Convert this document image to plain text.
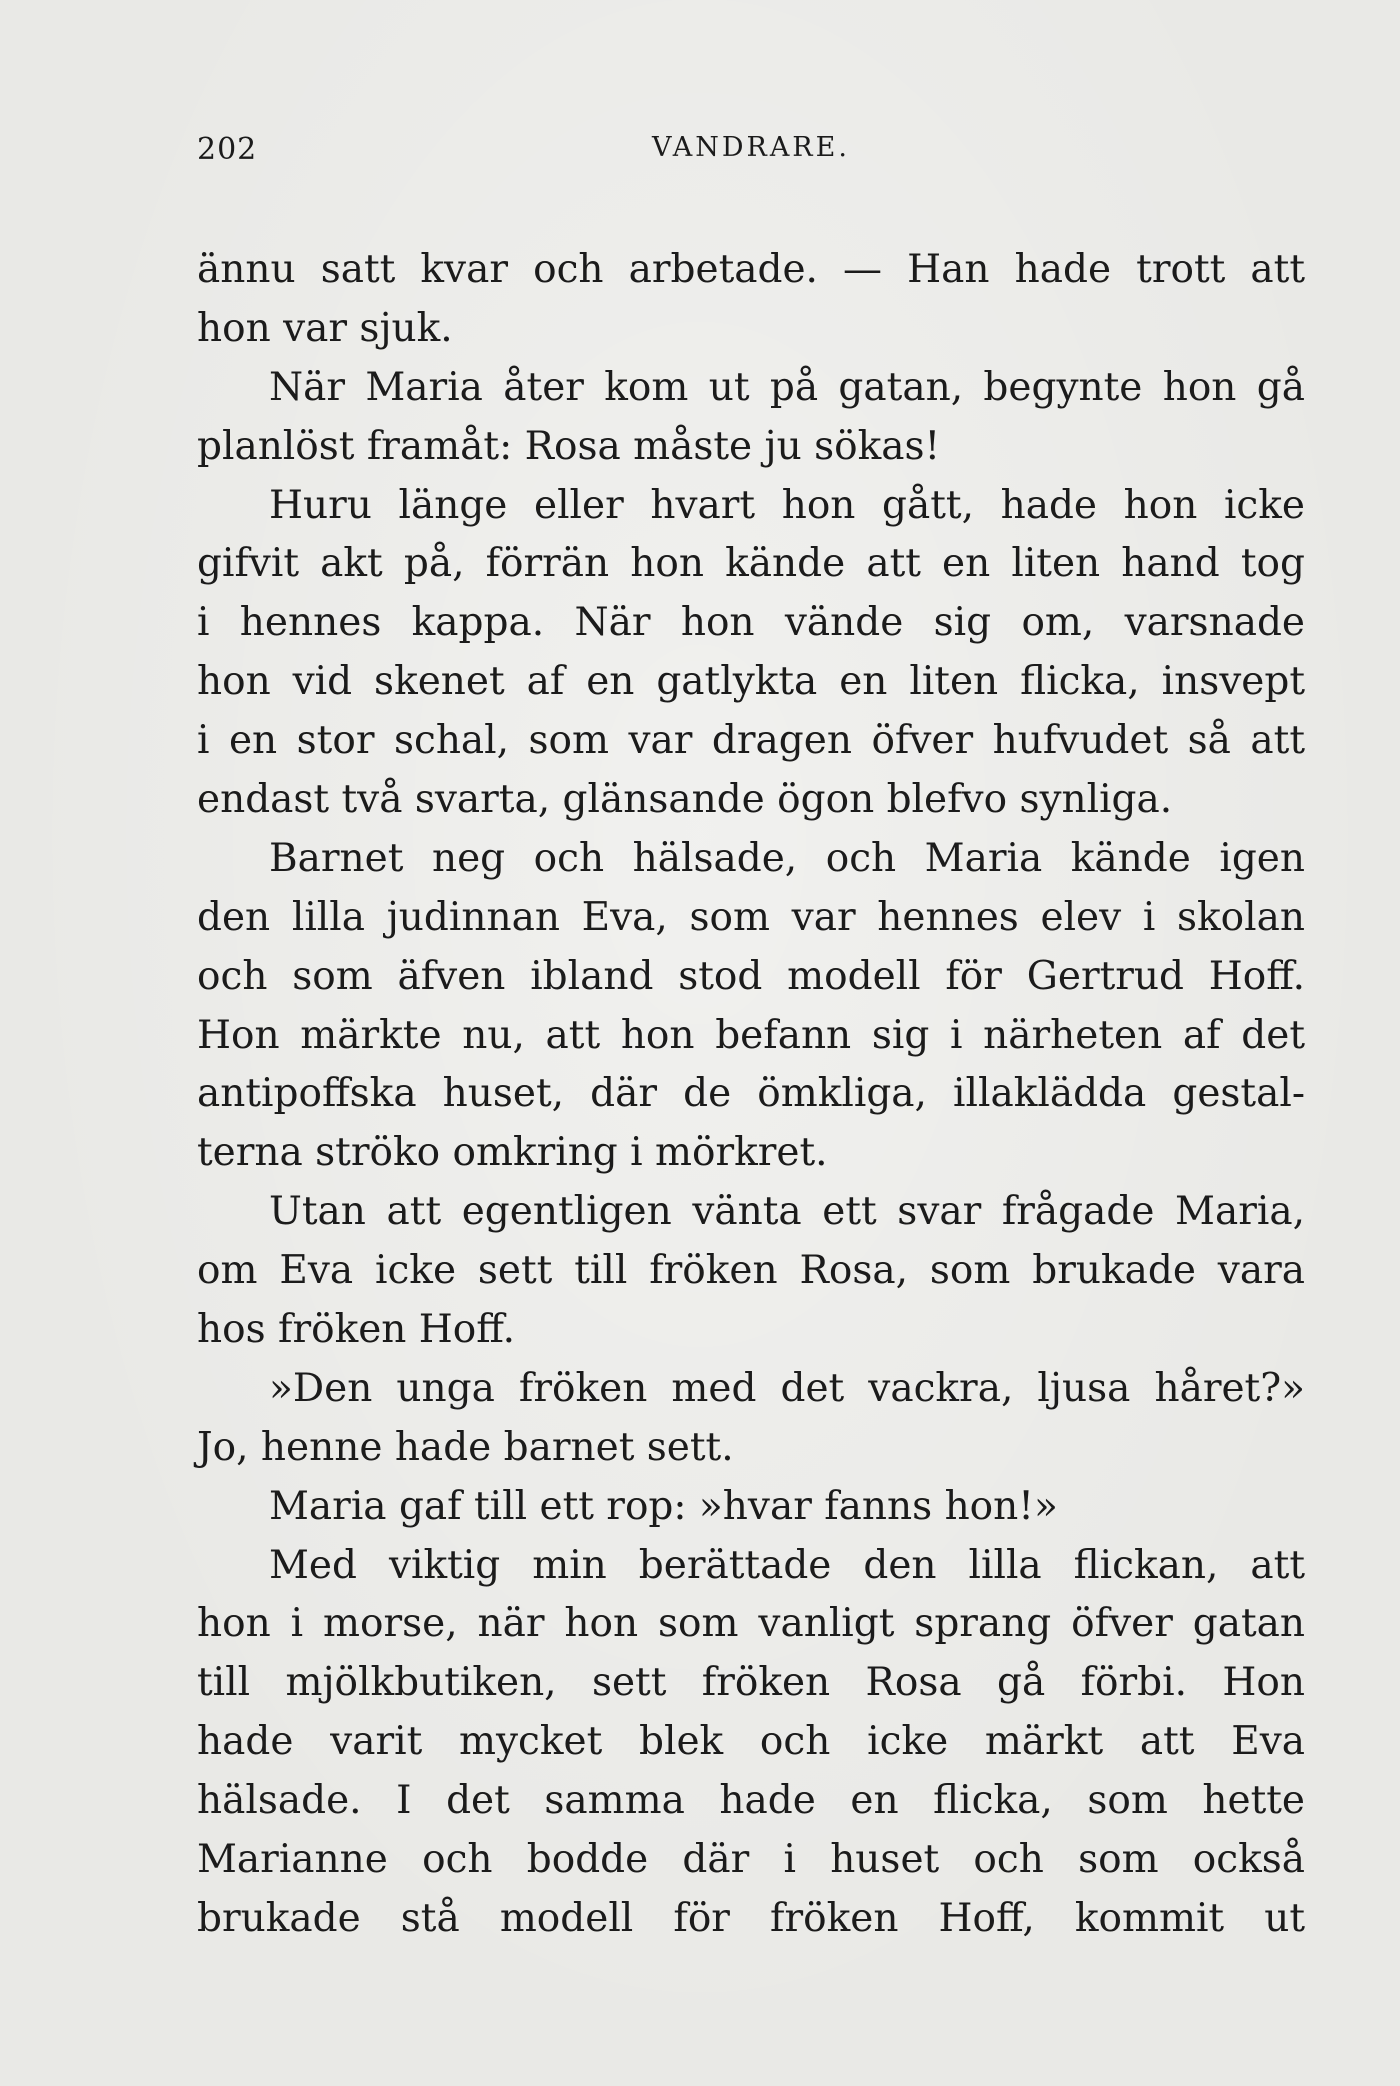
202	VANDRARE.
ännu satt kvar och arbetade. — Han hade trott att
hon var sjuk.
När Maria åter kom ut på gatan, begynte hon gå
planlöst framåt: Rosa måste ju sökas!
Huru länge eller hvart hon gått, hade hon icke
gifvit akt på, förrän hon kände att en liten hand tog
i hennes kappa. När hon vände sig om, varsnade
hon vid skenet af en gatlykta en liten flicka, insvept
i en stor schal, som var dragen öfver hufvudet så att
endast två svarta, glänsande ögon blefvo synliga.
Barnet neg och hälsade, och Maria kände igen
den lilla judinnan Eva, som var hennes elev i skolan
och som äfven ibland stod modell för Gertrud Hoff.
Hon märkte nu, att hon befann sig i närheten af det
antipoffska huset, där de ömkliga, illaklädda gestal-
terna ströko omkring i mörkret.
Utan att egentligen vänta ett svar frågade Maria,
om Eva icke sett till fröken Rosa, som brukade vara
hos fröken Hoff.
»Den unga fröken med det vackra, ljusa håret?»
Jo, henne hade barnet sett.
Maria gaf till ett rop: »hvar fanns hon!»
Med viktig min berättade den lilla flickan, att
hon i morse, när hon som vanligt sprang öfver gatan
till mjölkbutiken, sett fröken Rosa gå förbi. Hon
hade varit mycket blek och icke märkt att Eva
hälsade. I det samma hade en flicka, som hette
Marianne och bodde där i huset och som också
brukade stå modell för fröken Hoff, kommit ut
